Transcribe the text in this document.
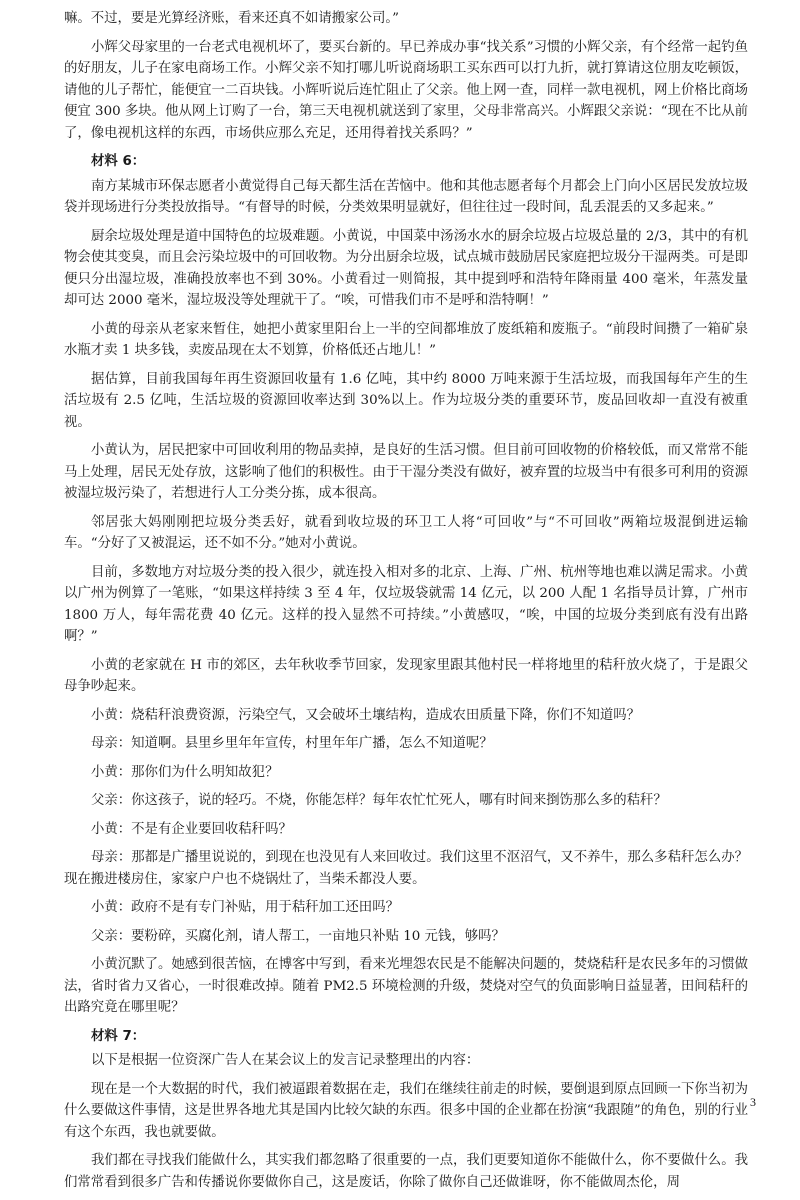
嘛。不过，要是光算经济账，看来还真不如请搬家公司。”

小辉父母家里的一台老式电视机坏了，要买台新的。早已养成办事“找关系”习惯的小辉父亲，有个经常一起钓鱼的好朋友，儿子在家电商场工作。小辉父亲不知打哪儿听说商场职工买东西可以打九折，就打算请这位朋友吃顿饭，请他的儿子帮忙，能便宜一二百块钱。小辉听说后连忙阻止了父亲。他上网一查，同样一款电视机，网上价格比商场便宜 300 多块。他从网上订购了一台，第三天电视机就送到了家里，父母非常高兴。小辉跟父亲说：“现在不比从前了，像电视机这样的东西，市场供应那么充足，还用得着找关系吗？”

材料 6：

南方某城市环保志愿者小黄觉得自己每天都生活在苦恼中。他和其他志愿者每个月都会上门向小区居民发放垃圾袋并现场进行分类投放指导。“有督导的时候，分类效果明显就好，但往往过一段时间，乱丢混丢的又多起来。”

厨余垃圾处理是道中国特色的垃圾难题。小黄说，中国菜中汤汤水水的厨余垃圾占垃圾总量的 2/3，其中的有机物会使其变臭，而且会污染垃圾中的可回收物。为分出厨余垃圾，试点城市鼓励居民家庭把垃圾分干湿两类。可是即便只分出湿垃圾，准确投放率也不到 30%。小黄看过一则简报，其中提到呼和浩特年降雨量 400 毫米，年蒸发量却可达 2000 毫米，湿垃圾没等处理就干了。“唉，可惜我们市不是呼和浩特啊！”

小黄的母亲从老家来暂住，她把小黄家里阳台上一半的空间都堆放了废纸箱和废瓶子。“前段时间攒了一箱矿泉水瓶才卖 1 块多钱，卖废品现在太不划算，价格低还占地儿！”

据估算，目前我国每年再生资源回收量有 1.6 亿吨，其中约 8000 万吨来源于生活垃圾，而我国每年产生的生活垃圾有 2.5 亿吨，生活垃圾的资源回收率达到 30%以上。作为垃圾分类的重要环节，废品回收却一直没有被重视。

小黄认为，居民把家中可回收利用的物品卖掉，是良好的生活习惯。但目前可回收物的价格较低，而又常常不能马上处理，居民无处存放，这影响了他们的积极性。由于干湿分类没有做好，被弃置的垃圾当中有很多可利用的资源被湿垃圾污染了，若想进行人工分类分拣，成本很高。

邻居张大妈刚刚把垃圾分类丢好，就看到收垃圾的环卫工人将“可回收”与“不可回收”两箱垃圾混倒进运输车。“分好了又被混运，还不如不分。”她对小黄说。

目前，多数地方对垃圾分类的投入很少，就连投入相对多的北京、上海、广州、杭州等地也难以满足需求。小黄以广州为例算了一笔账，“如果这样持续 3 至 4 年，仅垃圾袋就需 14 亿元，以 200 人配 1 名指导员计算，广州市 1800 万人，每年需花费 40 亿元。这样的投入显然不可持续。”小黄感叹，“唉，中国的垃圾分类到底有没有出路啊？”

小黄的老家就在 H 市的郊区，去年秋收季节回家，发现家里跟其他村民一样将地里的秸秆放火烧了，于是跟父母争吵起来。

小黄：烧秸秆浪费资源，污染空气，又会破坏土壤结构，造成农田质量下降，你们不知道吗？

母亲：知道啊。县里乡里年年宣传，村里年年广播，怎么不知道呢？

小黄：那你们为什么明知故犯？

父亲：你这孩子，说的轻巧。不烧，你能怎样？每年农忙忙死人，哪有时间来捯饬那么多的秸秆？

小黄：不是有企业要回收秸秆吗？

母亲：那都是广播里说说的，到现在也没见有人来回收过。我们这里不沤沼气，又不养牛，那么多秸秆怎么办？现在搬进楼房住，家家户户也不烧锅灶了，当柴禾都没人要。

小黄：政府不是有专门补贴，用于秸秆加工还田吗？

父亲：要粉碎，买腐化剂，请人帮工，一亩地只补贴 10 元钱，够吗？

小黄沉默了。她感到很苦恼，在博客中写到，看来光埋怨农民是不能解决问题的，焚烧秸秆是农民多年的习惯做法，省时省力又省心，一时很难改掉。随着 PM2.5 环境检测的升级，焚烧对空气的负面影响日益显著，田间秸秆的出路究竟在哪里呢？

材料 7：

以下是根据一位资深广告人在某会议上的发言记录整理出的内容：

现在是一个大数据的时代，我们被逼跟着数据在走，我们在继续往前走的时候，要倒退到原点回顾一下你当初为什么要做这件事情，这是世界各地尤其是国内比较欠缺的东西。很多中国的企业都在扮演“我跟随”的角色，别的行业有这个东西，我也就要做。

我们都在寻找我们能做什么，其实我们都忽略了很重要的一点，我们更要知道你不能做什么，你不要做什么。我们常常看到很多广告和传播说你要做你自己，这是废话，你除了做你自己还做谁呀，你不能做周杰伦，周

3
